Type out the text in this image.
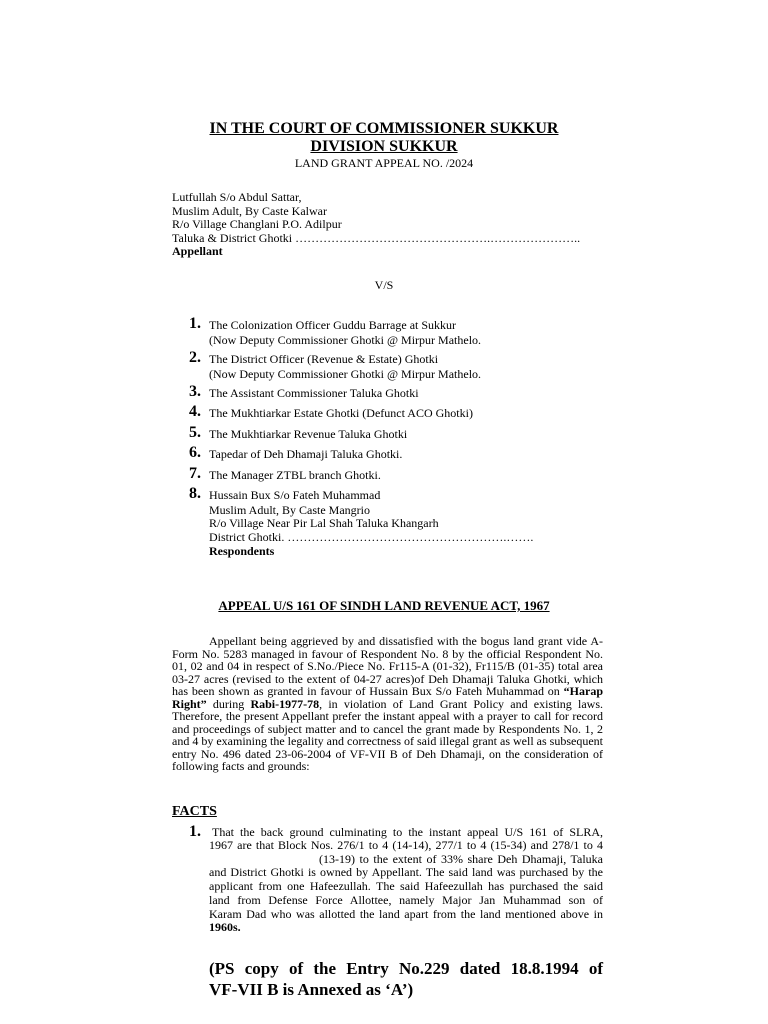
IN THE COURT OF COMMISSIONER SUKKUR
DIVISION SUKKUR
LAND GRANT APPEAL NO. /2024
Lutfullah S/o Abdul Sattar,
Muslim Adult, By Caste Kalwar
R/o Village Changlani P.O. Adilpur
Taluka & District Ghotki ………………………………………….…………………..
Appellant
V/S
1. The Colonization Officer Guddu Barrage at Sukkur
(Now Deputy Commissioner Ghotki @ Mirpur Mathelo.
2. The District Officer (Revenue & Estate) Ghotki
(Now Deputy Commissioner Ghotki @ Mirpur Mathelo.
3. The Assistant Commissioner Taluka Ghotki
4. The Mukhtiarkar Estate Ghotki (Defunct ACO Ghotki)
5. The Mukhtiarkar Revenue Taluka Ghotki
6. Tapedar of Deh Dhamaji Taluka Ghotki.
7. The Manager ZTBL branch Ghotki.
8. Hussain Bux S/o Fateh Muhammad
Muslim Adult, By Caste Mangrio
R/o Village Near Pir Lal Shah Taluka Khangarh
District Ghotki. ……………………………………………….…….
Respondents
APPEAL U/S 161 OF SINDH LAND REVENUE ACT, 1967
Appellant being aggrieved by and dissatisfied with the bogus land grant vide A-Form No. 5283 managed in favour of Respondent No. 8 by the official Respondent No. 01, 02 and 04 in respect of S.No./Piece No. Fr115-A (01-32), Fr115/B (01-35) total area 03-27 acres (revised to the extent of 04-27 acres)of Deh Dhamaji Taluka Ghotki, which has been shown as granted in favour of Hussain Bux S/o Fateh Muhammad on “Harap Right” during Rabi-1977-78, in violation of Land Grant Policy and existing laws. Therefore, the present Appellant prefer the instant appeal with a prayer to call for record and proceedings of subject matter and to cancel the grant made by Respondents No. 1, 2 and 4 by examining the legality and correctness of said illegal grant as well as subsequent entry No. 496 dated 23-06-2004 of VF-VII B of Deh Dhamaji, on the consideration of following facts and grounds:
FACTS
1. That the back ground culminating to the instant appeal U/S 161 of SLRA,
1967 are that Block Nos. 276/1 to 4 (14-14), 277/1 to 4 (15-34) and 278/1 to 4
(13-19) to the extent of 33% share Deh Dhamaji, Taluka
and District Ghotki is owned by Appellant. The said land was purchased by the
applicant from one Hafeezullah. The said Hafeezullah has purchased the said
land from Defense Force Allottee, namely Major Jan Muhammad son of
Karam Dad who was allotted the land apart from the land mentioned above in
1960s.
(PS copy of the Entry No.229 dated 18.8.1994 of
VF-VII B is Annexed as ‘A’)
